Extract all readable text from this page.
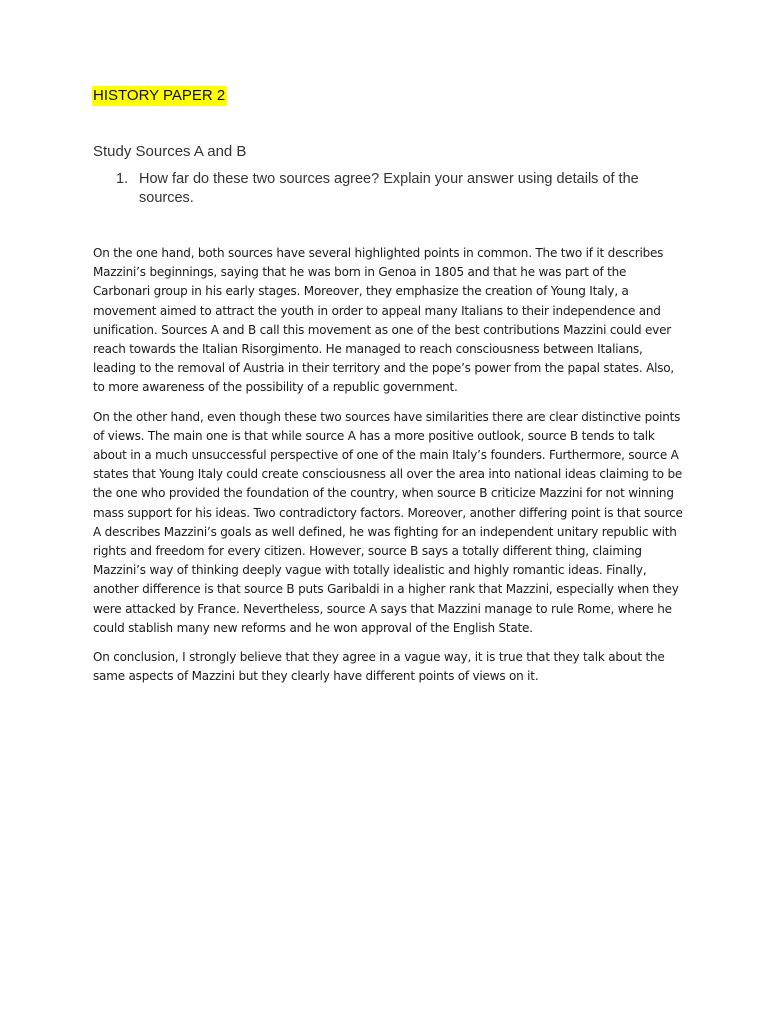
HISTORY PAPER 2
Study Sources A and B
1. How far do these two sources agree? Explain your answer using details of the sources.

On the one hand, both sources have several highlighted points in common. The two if it describes Mazzini’s beginnings, saying that he was born in Genoa in 1805 and that he was part of the Carbonari group in his early stages. Moreover, they emphasize the creation of Young Italy, a movement aimed to attract the youth in order to appeal many Italians to their independence and unification. Sources A and B call this movement as one of the best contributions Mazzini could ever reach towards the Italian Risorgimento. He managed to reach consciousness between Italians, leading to the removal of Austria in their territory and the pope’s power from the papal states. Also, to more awareness of the possibility of a republic government.

On the other hand, even though these two sources have similarities there are clear distinctive points of views. The main one is that while source A has a more positive outlook, source B tends to talk about in a much unsuccessful perspective of one of the main Italy’s founders. Furthermore, source A states that Young Italy could create consciousness all over the area into national ideas claiming to be the one who provided the foundation of the country, when source B criticize Mazzini for not winning mass support for his ideas. Two contradictory factors. Moreover, another differing point is that source A describes Mazzini’s goals as well defined, he was fighting for an independent unitary republic with rights and freedom for every citizen. However, source B says a totally different thing, claiming Mazzini’s way of thinking deeply vague with totally idealistic and highly romantic ideas. Finally, another difference is that source B puts Garibaldi in a higher rank that Mazzini, especially when they were attacked by France. Nevertheless, source A says that Mazzini manage to rule Rome, where he could stablish many new reforms and he won approval of the English State.

On conclusion, I strongly believe that they agree in a vague way, it is true that they talk about the same aspects of Mazzini but they clearly have different points of views on it.
